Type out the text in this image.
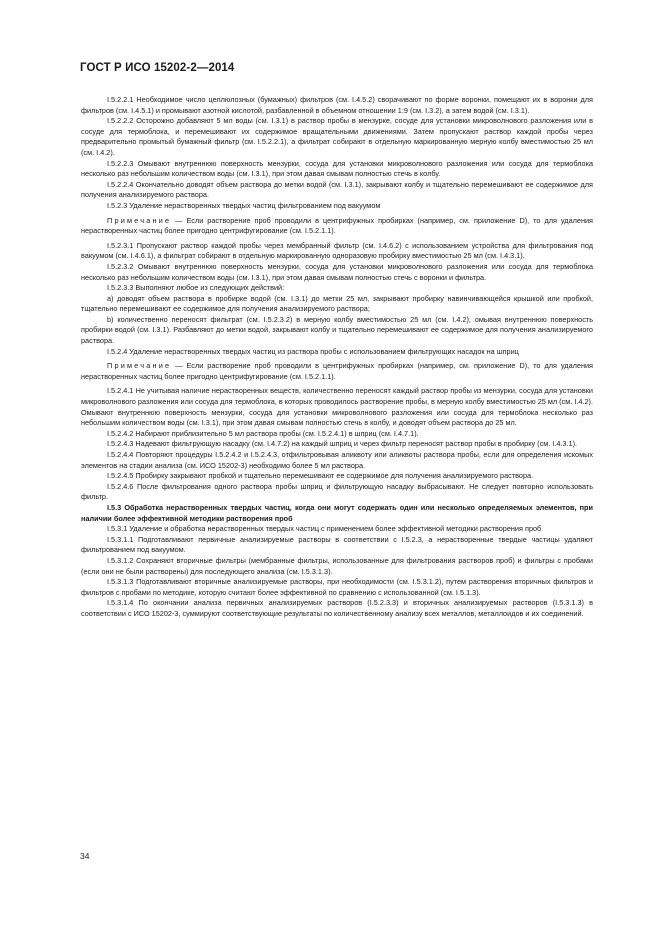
ГОСТ Р ИСО 15202-2—2014

I.5.2.2.1 Необходимое число целлюлозных (бумажных) фильтров (см. I.4.5.2) сворачивают по форме воронки, помещают их в воронки для фильтров (см. I.4.5.1) и промывают азотной кислотой, разбавленной в объемном отношении 1:9 (см. I.3.2), а затем водой (см. I.3.1).

I.5.2.2.2 Осторожно добавляют 5 мл воды (см. I.3.1) в раствор пробы в мензурке, сосуде для установки микроволнового разложения или в сосуде для термоблока, и перемешивают их содержимое вращательными движениями. Затем пропускают раствор каждой пробы через предварительно промытый бумажный фильтр (см. I.5.2.2.1), а фильтрат собирают в отдельную маркированную мерную колбу вместимостью 25 мл (см. I.4.2).

I.5.2.2.3 Омывают внутреннюю поверхность мензурки, сосуда для установки микроволнового разложения или сосуда для термоблока несколько раз небольшим количеством воды (см. I.3.1), при этом давая смывам полностью стечь в колбу.

I.5.2.2.4 Окончательно доводят объем раствора до метки водой (см. I.3.1), закрывают колбу и тщательно перемешивают ее содержимое для получения анализируемого раствора.

I.5.2.3 Удаление нерастворенных твердых частиц фильтрованием под вакуумом

Примечание — Если растворение проб проводили в центрифужных пробирках (например, см. приложение D), то для удаления нерастворенных частиц более пригодно центрифугирование (см. I.5.2.1.1).

I.5.2.3.1 Пропускают раствор каждой пробы через мембранный фильтр (см. I.4.6.2) с использованием устройства для фильтрования под вакуумом (см. I.4.6.1), а фильтрат собирают в отдельную маркированную одноразовую пробирку вместимостью 25 мл (см. I.4.3.1).

I.5.2.3.2 Омывают внутреннюю поверхность мензурки, сосуда для установки микроволнового разложения или сосуда для термоблока несколько раз небольшим количеством воды (см. I.3.1), при этом давая смывам полностью стечь с воронки и фильтра.

I.5.2.3.3 Выполняют любое из следующих действий:

a) доводят объем раствора в пробирке водой (см. I.3.1) до метки 25 мл, закрывают пробирку навинчивающейся крышкой или пробкой, тщательно перемешивают ее содержимое для получения анализируемого раствора;

b) количественно переносят фильтрат (см. I.5.2.3.2) в мерную колбу вместимостью 25 мл (см. I.4.2), омывая внутреннюю поверхность пробирки водой (см. I.3.1). Разбавляют до метки водой, закрывают колбу и тщательно перемешивают ее содержимое для получения анализируемого раствора.

I.5.2.4 Удаление нерастворенных твердых частиц из раствора пробы с использованием фильтрующих насадок на шприц

Примечание — Если растворение проб проводили в центрифужных пробирках (например, см. приложение D), то для удаления нерастворенных частиц более пригодно центрифугирование (см. I.5.2.1.1).

I.5.2.4.1 Не учитывая наличие нерастворенных веществ, количественно переносят каждый раствор пробы из мензурки, сосуда для установки микроволнового разложения или сосуда для термоблока, в которых проводилось растворение пробы, в мерную колбу вместимостью 25 мл (см. I.4.2). Омывают внутреннюю поверхность мензурки, сосуда для установки микроволнового разложения или сосуда для термоблока несколько раз небольшим количеством воды (см. I.3.1), при этом давая смывам полностью стечь в колбу, и доводят объем раствора до 25 мл.

I.5.2.4.2 Набирают приблизительно 5 мл раствора пробы (см. I.5.2.4.1) в шприц (см. I.4.7.1).

I.5.2.4.3 Надевают фильтрующую насадку (см. I.4.7.2) на каждый шприц и через фильтр переносят раствор пробы в пробирку (см. I.4.3.1).

I.5.2.4.4 Повторяют процедуры I.5.2.4.2 и I.5.2.4.3, отфильтровывая аликвоту или аликвоты раствора пробы, если для определения искомых элементов на стадии анализа (см. ИСО 15202-3) необходимо более 5 мл раствора.

I.5.2.4.5 Пробирку закрывают пробкой и тщательно перемешивают ее содержимое для получения анализируемого раствора.

I.5.2.4.6 После фильтрования одного раствора пробы шприц и фильтрующую насадку выбрасывают. Не следует повторно использовать фильтр.

I.5.3 Обработка нерастворенных твердых частиц, когда они могут содержать один или несколько определяемых элементов, при наличии более эффективной методики растворения проб

I.5.3.1 Удаление и обработка нерастворенных твердых частиц с применением более эффективной методики растворения проб

I.5.3.1.1 Подготавливают первичные анализируемые растворы в соответствии с I.5.2.3, а нерастворенные твердые частицы удаляют фильтрованием под вакуумом.

I.5.3.1.2 Сохраняют вторичные фильтры (мембранные фильтры, использованные для фильтрования растворов проб) и фильтры с пробами (если они не были растворены) для последующего анализа (см. I.5.3.1.3).

I.5.3.1.3 Подготавливают вторичные анализируемые растворы, при необходимости (см. I.5.3.1.2), путем растворения вторичных фильтров и фильтров с пробами по методике, которую считают более эффективной по сравнению с использованной (см. I.5.1.3).

I.5.3.1.4 По окончании анализа первичных анализируемых растворов (I.5.2.3.3) и вторичных анализируемых растворов (I.5.3.1.3) в соответствии с ИСО 15202-3, суммируют соответствующие результаты по количественному анализу всех металлов, металлоидов и их соединений.

34
